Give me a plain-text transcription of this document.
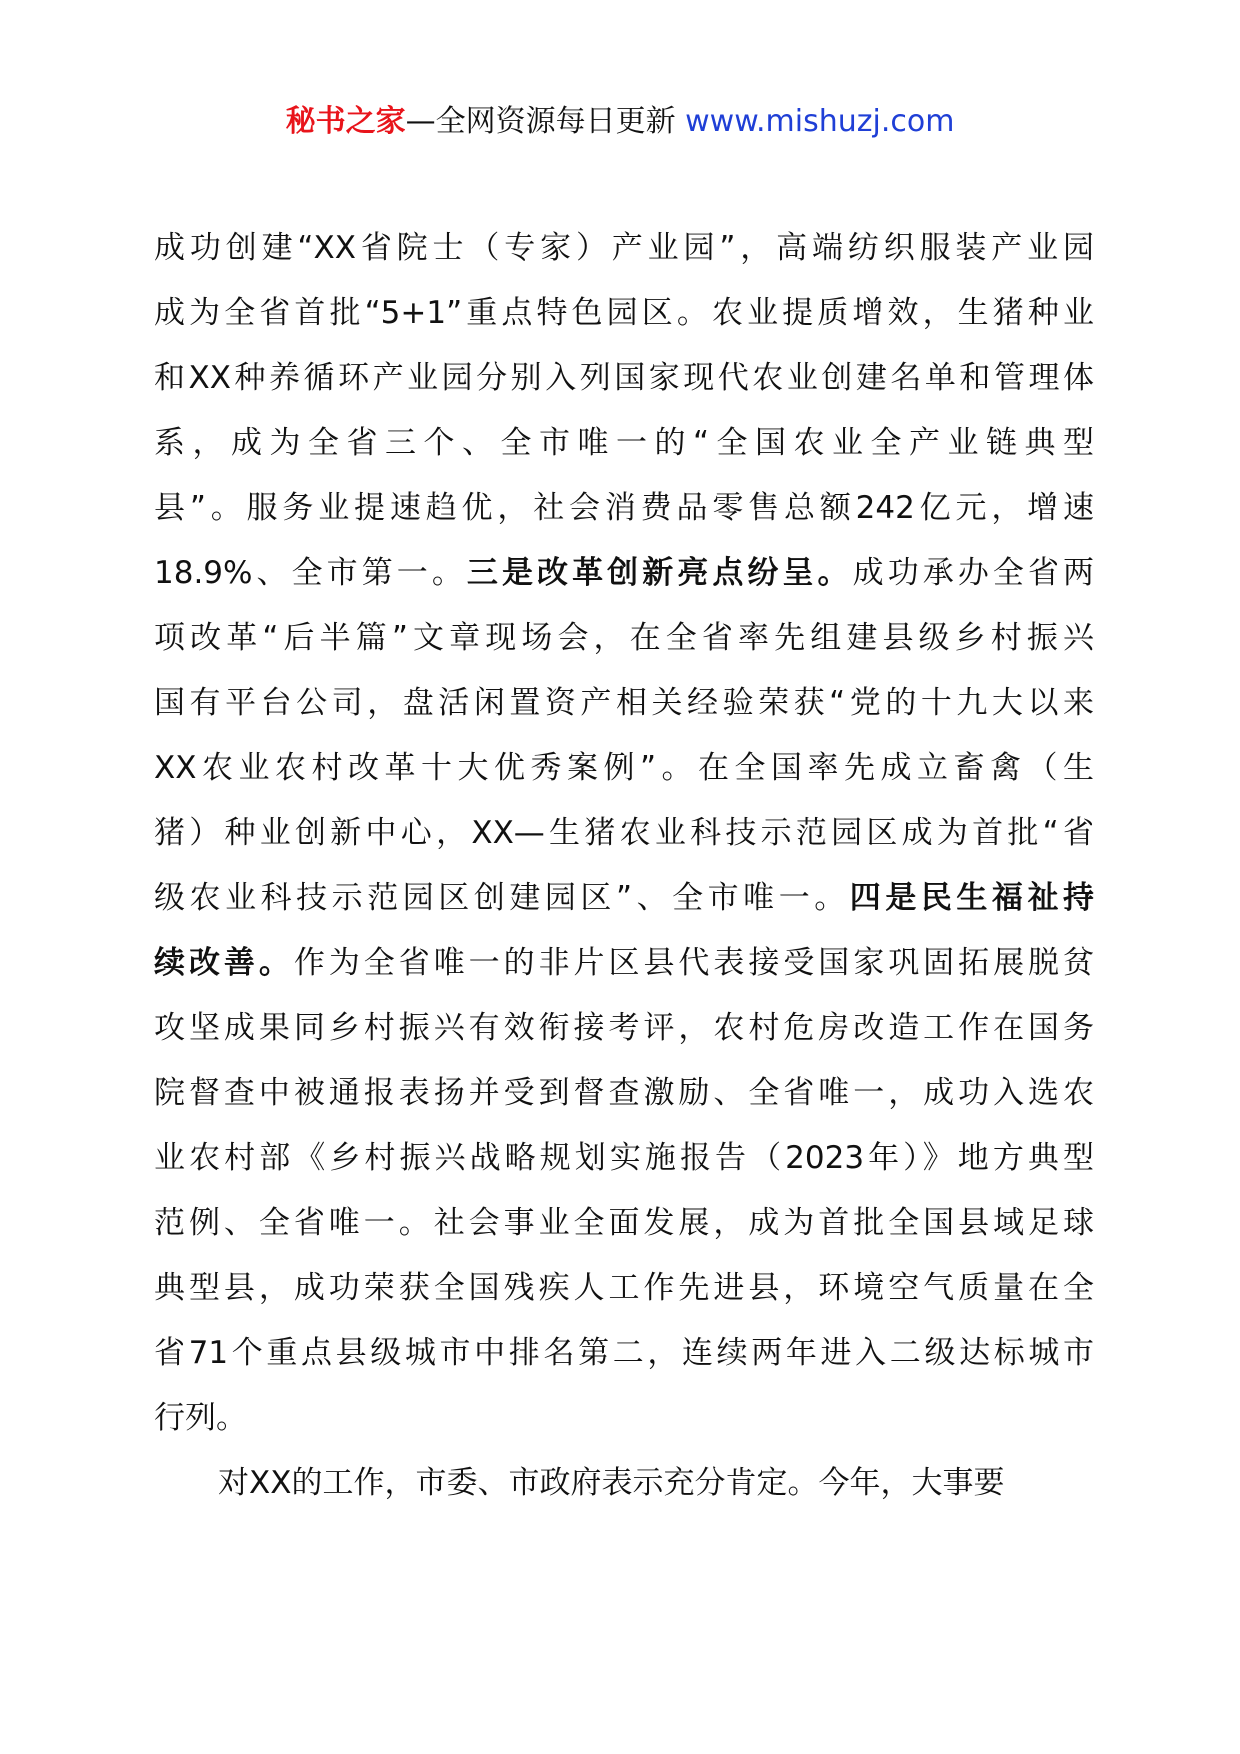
秘书之家—全网资源每日更新 www.mishuzj.com
成功创建“XX省院士（专家）产业园”，高端纺织服装产业园
成为全省首批“5+1”重点特色园区。农业提质增效，生猪种业
和XX种养循环产业园分别入列国家现代农业创建名单和管理体
系，成为全省三个、全市唯一的“全国农业全产业链典型
县”。服务业提速趋优，社会消费品零售总额242亿元，增速
18.9%、全市第一。三是改革创新亮点纷呈。成功承办全省两
项改革“后半篇”文章现场会，在全省率先组建县级乡村振兴
国有平台公司，盘活闲置资产相关经验荣获“党的十九大以来
XX农业农村改革十大优秀案例”。在全国率先成立畜禽（生
猪）种业创新中心，XX—生猪农业科技示范园区成为首批“省
级农业科技示范园区创建园区”、全市唯一。四是民生福祉持
续改善。作为全省唯一的非片区县代表接受国家巩固拓展脱贫
攻坚成果同乡村振兴有效衔接考评，农村危房改造工作在国务
院督查中被通报表扬并受到督查激励、全省唯一，成功入选农
业农村部《乡村振兴战略规划实施报告（2023年）》地方典型
范例、全省唯一。社会事业全面发展，成为首批全国县域足球
典型县，成功荣获全国残疾人工作先进县，环境空气质量在全
省71个重点县级城市中排名第二，连续两年进入二级达标城市
行列。
对XX的工作，市委、市政府表示充分肯定。今年，大事要
